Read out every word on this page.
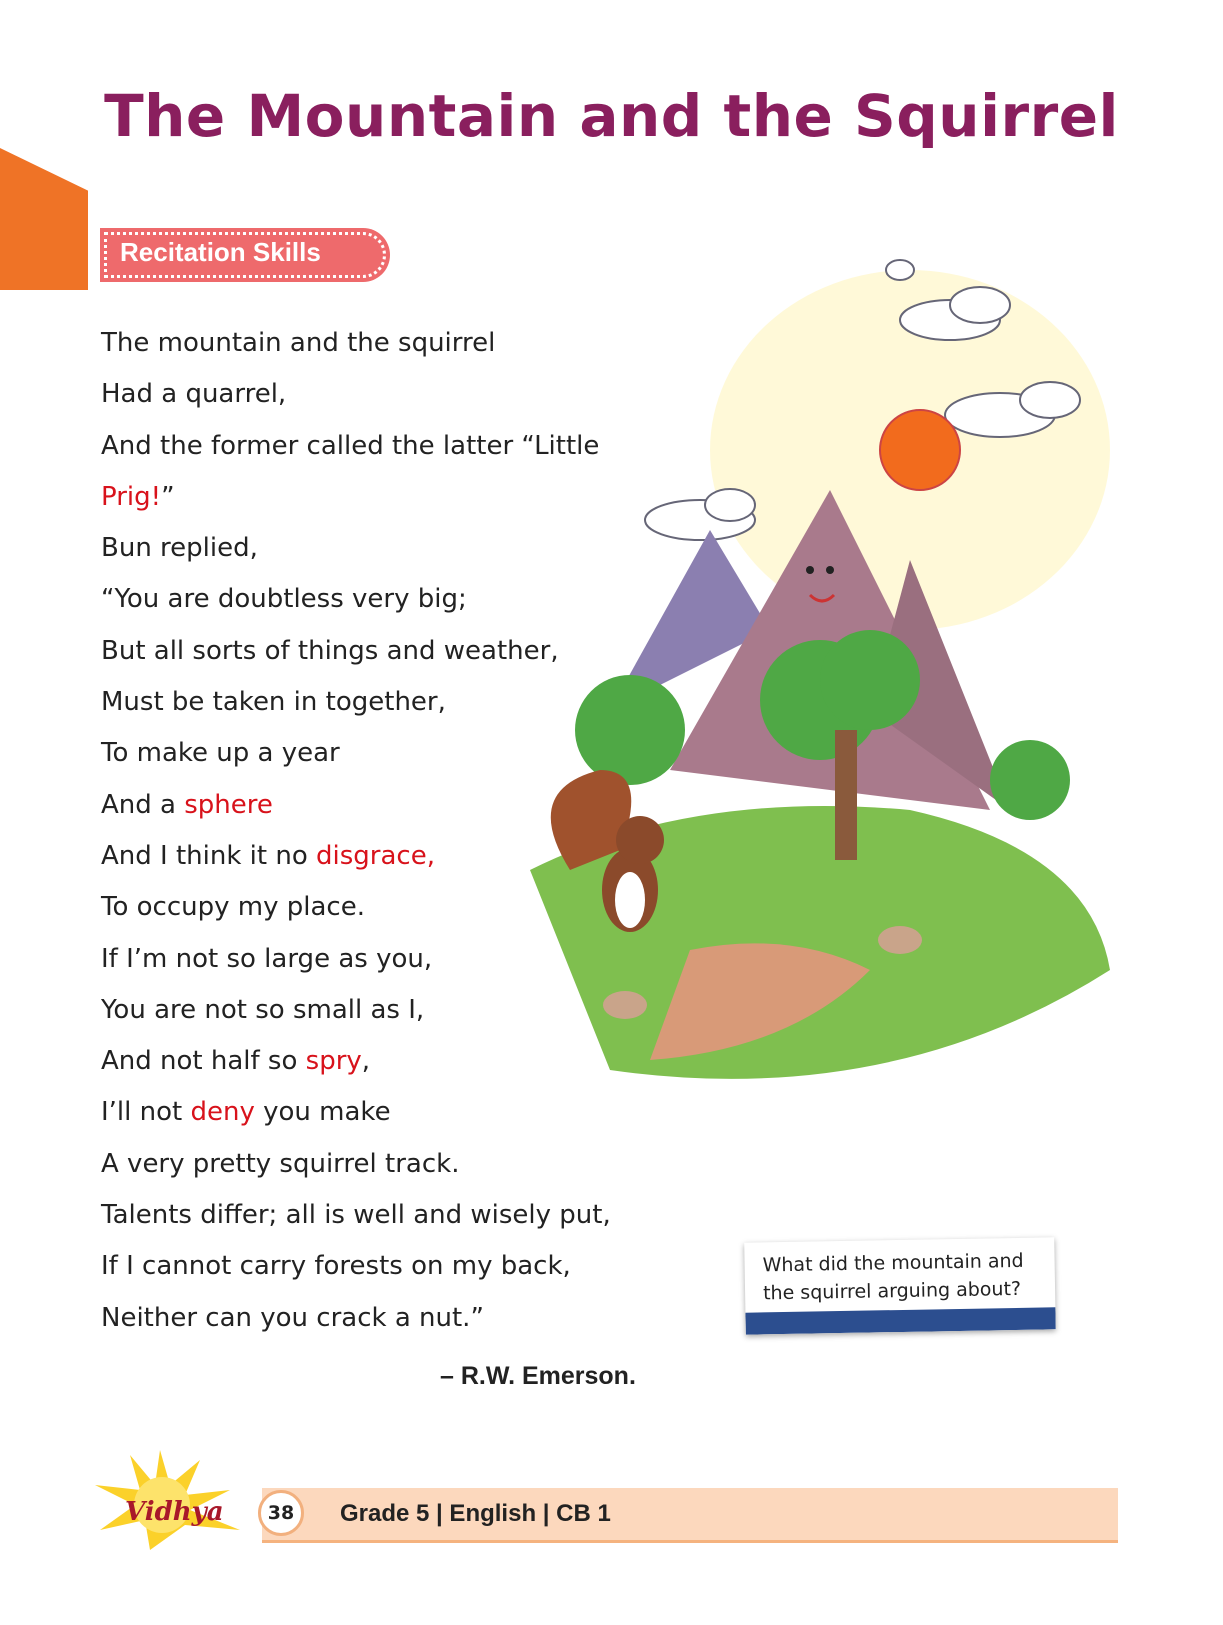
The Mountain and the Squirrel
Recitation Skills
The mountain and the squirrel
Had a quarrel,
And the former called the latter “Little
Prig!”
Bun replied,
“You are doubtless very big;
But all sorts of things and weather,
Must be taken in together,
To make up a year
And a sphere
And I think it no disgrace,
To occupy my place.
If I’m not so large as you,
You are not so small as I,
And not half so spry,
I’ll not deny you make
A very pretty squirrel track.
Talents differ; all is well and wisely put,
If I cannot carry forests on my back,
Neither can you crack a nut.”
What did the mountain and the squirrel arguing about?
– R.W. Emerson.
Vidhya	38	Grade 5 | English | CB 1
